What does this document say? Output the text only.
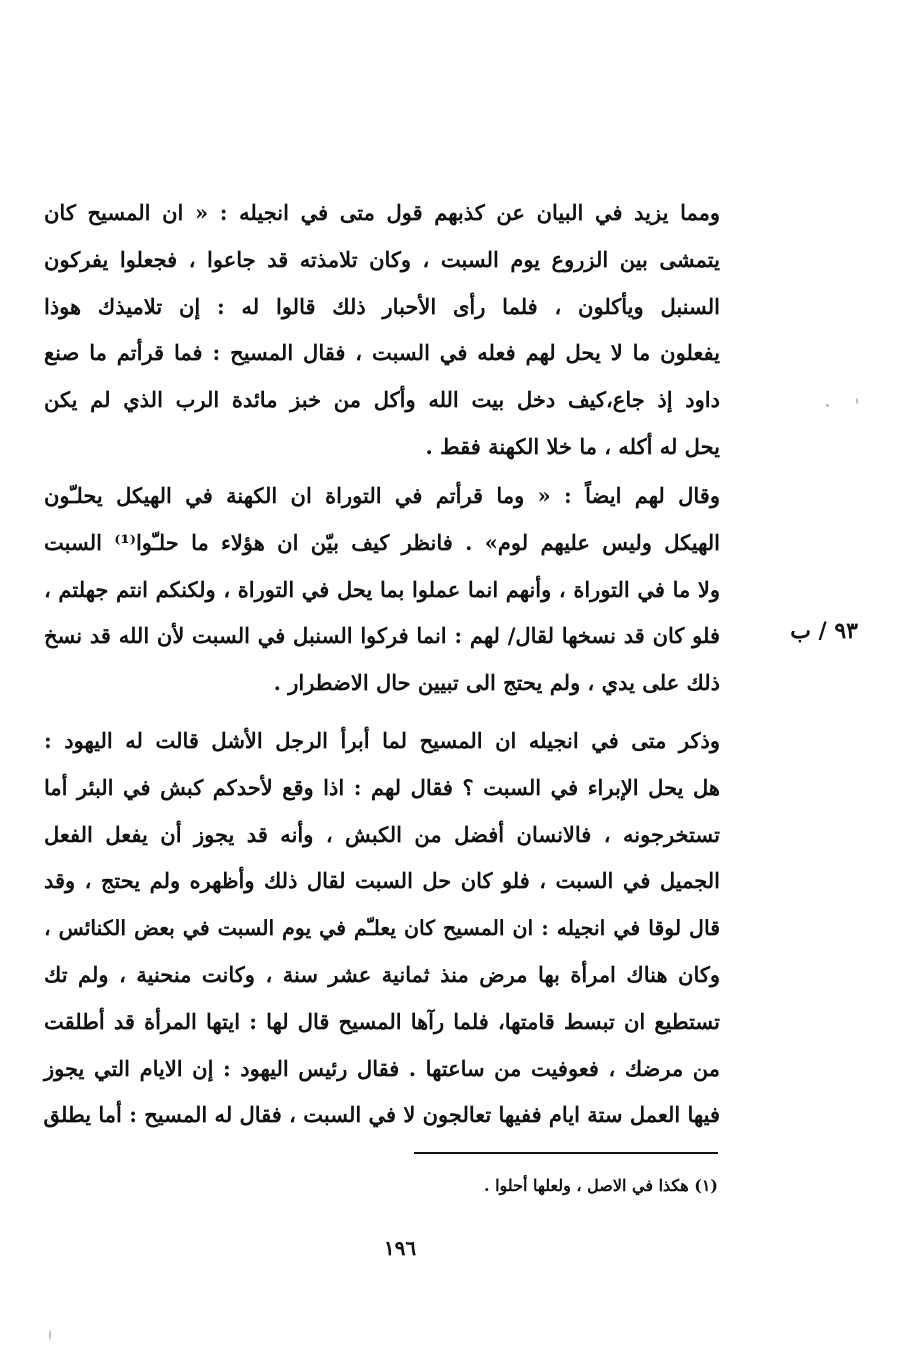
ومما يزيد في البيان عن كذبهم قول متى في انجيله : « ان المسيح كان
يتمشى بين الزروع يوم السبت ، وكان تلامذته قد جاعوا ، فجعلوا يفركون
السنبل ويأكلون ، فلما رأى الأحبار ذلك قالوا له : إن تلاميذك هوذا
يفعلون ما لا يحل لهم فعله في السبت ، فقال المسيح : فما قرأتم ما صنع
داود إذ جاع،كيف دخل بيت الله وأكل من خبز مائدة الرب الذي لم يكن
يحل له أكله ، ما خلا الكهنة فقط .
وقال لهم ايضاً : « وما قرأتم في التوراة ان الكهنة في الهيكل يحلـّون
الهيكل وليس عليهم لوم» . فانظر كيف بيّن ان هؤلاء ما حلـّوا⁽¹⁾ السبت
ولا ما في التوراة ، وأنهم انما عملوا بما يحل في التوراة ، ولكنكم انتم جهلتم ،
فلو كان قد نسخها لقال/ لهم : انما فركوا السنبل في السبت لأن الله قد نسخ
ذلك على يدي ، ولم يحتج الى تبيين حال الاضطرار .
وذكر متى في انجيله ان المسيح لما أبرأ الرجل الأشل قالت له اليهود :
هل يحل الإبراء في السبت ؟ فقال لهم : اذا وقع لأحدكم كبش في البئر أما
تستخرجونه ، فالانسان أفضل من الكبش ، وأنه قد يجوز أن يفعل الفعل
الجميل في السبت ، فلو كان حل السبت لقال ذلك وأظهره ولم يحتج ، وقد
قال لوقا في انجيله : ان المسيح كان يعلـّم في يوم السبت في بعض الكنائس ،
وكان هناك امرأة بها مرض منذ ثمانية عشر سنة ، وكانت منحنية ، ولم تك
تستطيع ان تبسط قامتها، فلما رآها المسيح قال لها : ايتها المرأة قد أطلقت
من مرضك ، فعوفيت من ساعتها . فقال رئيس اليهود : إن الايام التي يجوز
فيها العمل ستة ايام ففيها تعالجون لا في السبت ، فقال له المسيح : أما يطلق
٩٣ / ب
(١) هكذا في الاصل ، ولعلها أحلوا .
١٩٦
